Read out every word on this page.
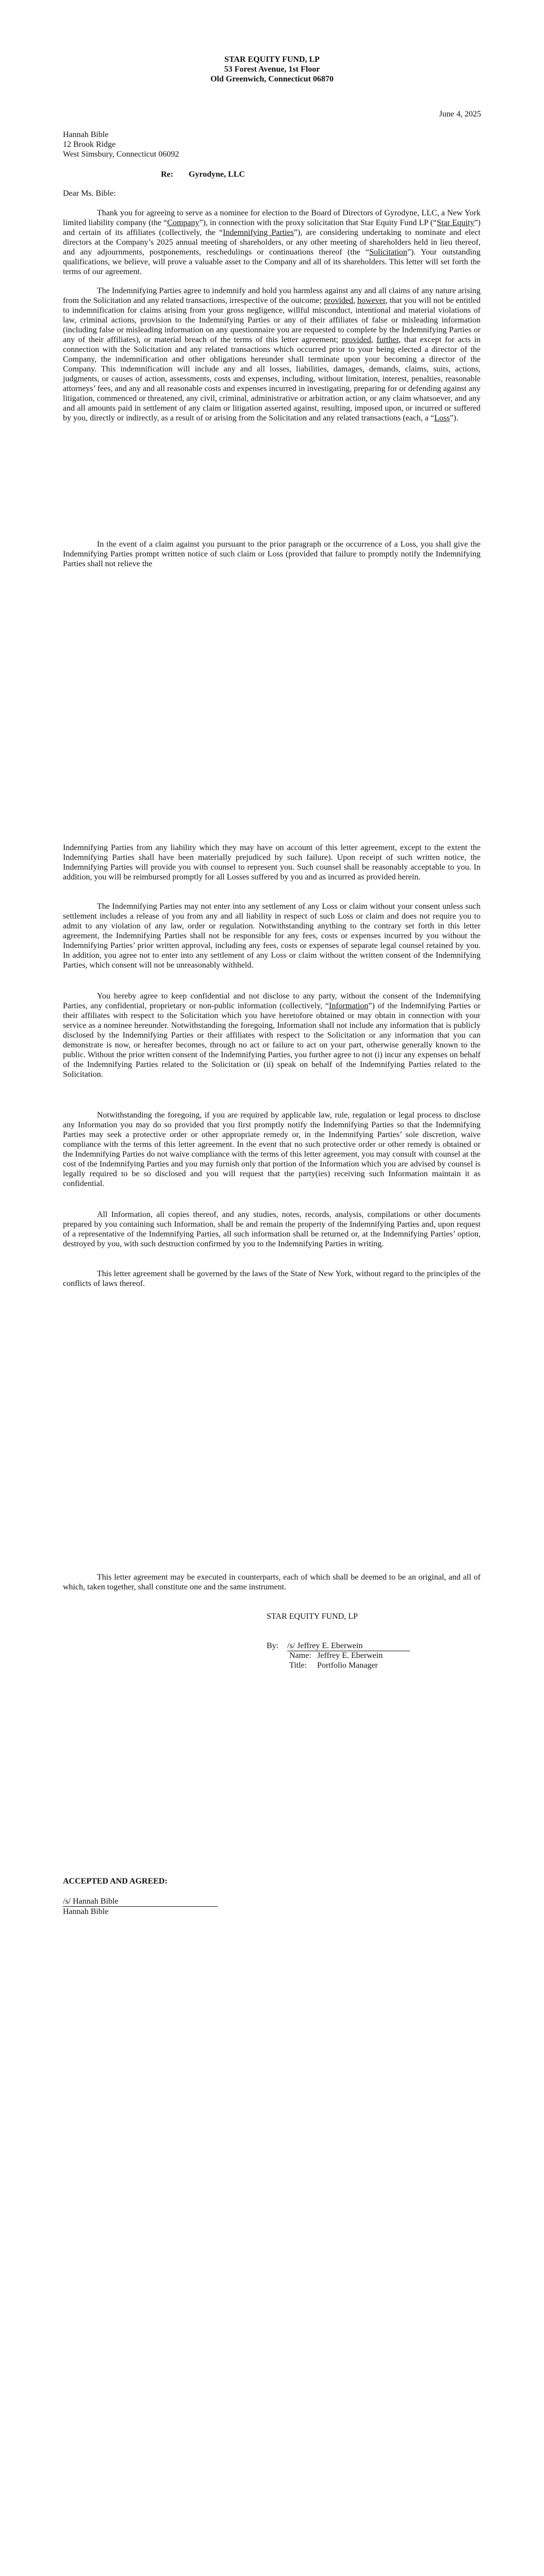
STAR EQUITY FUND, LP
53 Forest Avenue, 1st Floor
Old Greenwich, Connecticut 06870
June 4, 2025
Hannah Bible
12 Brook Ridge
West Simsbury, Connecticut 06092
Re: Gyrodyne, LLC
Dear Ms. Bible:
Thank you for agreeing to serve as a nominee for election to the Board of Directors of Gyrodyne, LLC, a New York limited liability company (the “Company”), in connection with the proxy solicitation that Star Equity Fund LP (“Star Equity”) and certain of its affiliates (collectively, the “Indemnifying Parties”), are considering undertaking to nominate and elect directors at the Company’s 2025 annual meeting of shareholders, or any other meeting of shareholders held in lieu thereof, and any adjournments, postponements, reschedulings or continuations thereof (the “Solicitation”). Your outstanding qualifications, we believe, will prove a valuable asset to the Company and all of its shareholders. This letter will set forth the terms of our agreement.
The Indemnifying Parties agree to indemnify and hold you harmless against any and all claims of any nature arising from the Solicitation and any related transactions, irrespective of the outcome; provided, however, that you will not be entitled to indemnification for claims arising from your gross negligence, willful misconduct, intentional and material violations of law, criminal actions, provision to the Indemnifying Parties or any of their affiliates of false or misleading information (including false or misleading information on any questionnaire you are requested to complete by the Indemnifying Parties or any of their affiliates), or material breach of the terms of this letter agreement; provided, further, that except for acts in connection with the Solicitation and any related transactions which occurred prior to your being elected a director of the Company, the indemnification and other obligations hereunder shall terminate upon your becoming a director of the Company. This indemnification will include any and all losses, liabilities, damages, demands, claims, suits, actions, judgments, or causes of action, assessments, costs and expenses, including, without limitation, interest, penalties, reasonable attorneys’ fees, and any and all reasonable costs and expenses incurred in investigating, preparing for or defending against any litigation, commenced or threatened, any civil, criminal, administrative or arbitration action, or any claim whatsoever, and any and all amounts paid in settlement of any claim or litigation asserted against, resulting, imposed upon, or incurred or suffered by you, directly or indirectly, as a result of or arising from the Solicitation and any related transactions (each, a “Loss”).
In the event of a claim against you pursuant to the prior paragraph or the occurrence of a Loss, you shall give the Indemnifying Parties prompt written notice of such claim or Loss (provided that failure to promptly notify the Indemnifying Parties shall not relieve the
Indemnifying Parties from any liability which they may have on account of this letter agreement, except to the extent the Indemnifying Parties shall have been materially prejudiced by such failure). Upon receipt of such written notice, the Indemnifying Parties will provide you with counsel to represent you. Such counsel shall be reasonably acceptable to you. In addition, you will be reimbursed promptly for all Losses suffered by you and as incurred as provided herein.
The Indemnifying Parties may not enter into any settlement of any Loss or claim without your consent unless such settlement includes a release of you from any and all liability in respect of such Loss or claim and does not require you to admit to any violation of any law, order or regulation. Notwithstanding anything to the contrary set forth in this letter agreement, the Indemnifying Parties shall not be responsible for any fees, costs or expenses incurred by you without the Indemnifying Parties’ prior written approval, including any fees, costs or expenses of separate legal counsel retained by you. In addition, you agree not to enter into any settlement of any Loss or claim without the written consent of the Indemnifying Parties, which consent will not be unreasonably withheld.
You hereby agree to keep confidential and not disclose to any party, without the consent of the Indemnifying Parties, any confidential, proprietary or non-public information (collectively, “Information”) of the Indemnifying Parties or their affiliates with respect to the Solicitation which you have heretofore obtained or may obtain in connection with your service as a nominee hereunder. Notwithstanding the foregoing, Information shall not include any information that is publicly disclosed by the Indemnifying Parties or their affiliates with respect to the Solicitation or any information that you can demonstrate is now, or hereafter becomes, through no act or failure to act on your part, otherwise generally known to the public. Without the prior written consent of the Indemnifying Parties, you further agree to not (i) incur any expenses on behalf of the Indemnifying Parties related to the Solicitation or (ii) speak on behalf of the Indemnifying Parties related to the Solicitation.
Notwithstanding the foregoing, if you are required by applicable law, rule, regulation or legal process to disclose any Information you may do so provided that you first promptly notify the Indemnifying Parties so that the Indemnifying Parties may seek a protective order or other appropriate remedy or, in the Indemnifying Parties’ sole discretion, waive compliance with the terms of this letter agreement. In the event that no such protective order or other remedy is obtained or the Indemnifying Parties do not waive compliance with the terms of this letter agreement, you may consult with counsel at the cost of the Indemnifying Parties and you may furnish only that portion of the Information which you are advised by counsel is legally required to be so disclosed and you will request that the party(ies) receiving such Information maintain it as confidential.
All Information, all copies thereof, and any studies, notes, records, analysis, compilations or other documents prepared by you containing such Information, shall be and remain the property of the Indemnifying Parties and, upon request of a representative of the Indemnifying Parties, all such information shall be returned or, at the Indemnifying Parties’ option, destroyed by you, with such destruction confirmed by you to the Indemnifying Parties in writing.
This letter agreement shall be governed by the laws of the State of New York, without regard to the principles of the conflicts of laws thereof.
This letter agreement may be executed in counterparts, each of which shall be deemed to be an original, and all of which, taken together, shall constitute one and the same instrument.
STAR EQUITY FUND, LP
By: /s/ Jeffrey E. Eberwein
Name: Jeffrey E. Eberwein
Title: Portfolio Manager
ACCEPTED AND AGREED:
/s/ Hannah Bible
Hannah Bible
